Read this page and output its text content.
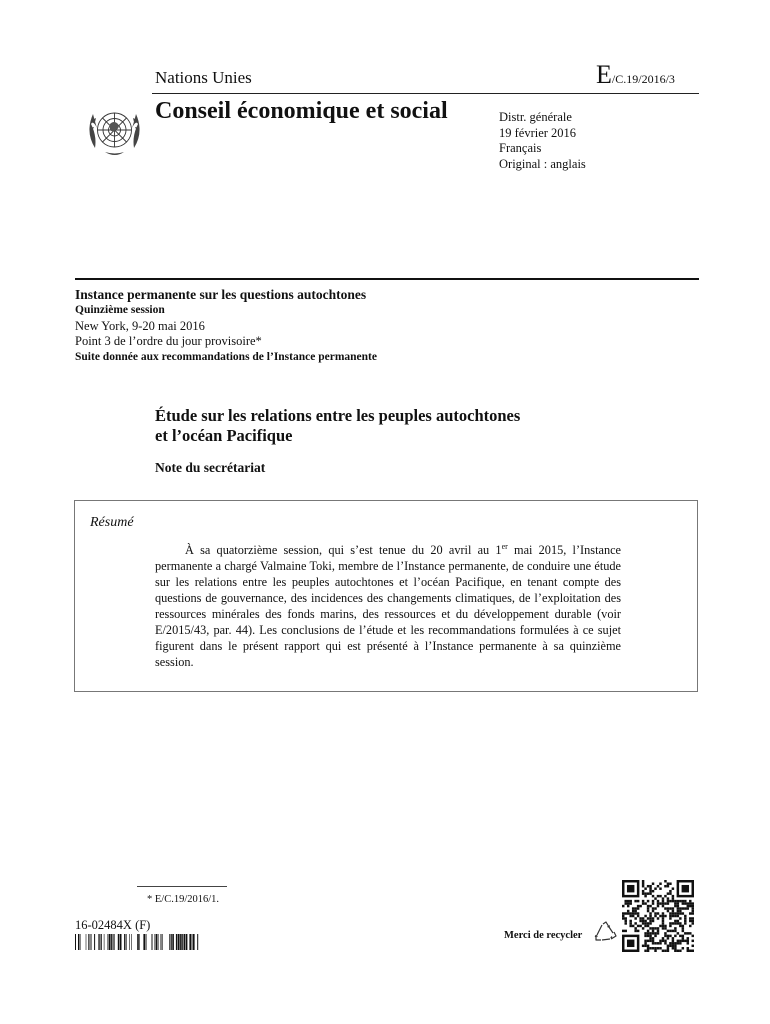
Nations Unies	E/C.19/2016/3
Conseil économique et social	Distr. générale
19 février 2016
Français
Original : anglais
Instance permanente sur les questions autochtones
Quinzième session
New York, 9-20 mai 2016
Point 3 de l’ordre du jour provisoire*
Suite donnée aux recommandations de l’Instance permanente
Étude sur les relations entre les peuples autochtones
et l’océan Pacifique
Note du secrétariat
Résumé
À sa quatorzième session, qui s’est tenue du 20 avril au 1er mai 2015, l’Instance permanente a chargé Valmaine Toki, membre de l’Instance permanente, de conduire une étude sur les relations entre les peuples autochtones et l’océan Pacifique, en tenant compte des questions de gouvernance, des incidences des changements climatiques, de l’exploitation des ressources minérales des fonds marins, des ressources et du développement durable (voir E/2015/43, par. 44). Les conclusions de l’étude et les recommandations formulées à ce sujet figurent dans le présent rapport qui est présenté à l’Instance permanente à sa quinzième session.
* E/C.19/2016/1.
16-02484X (F)
Merci de recycler
